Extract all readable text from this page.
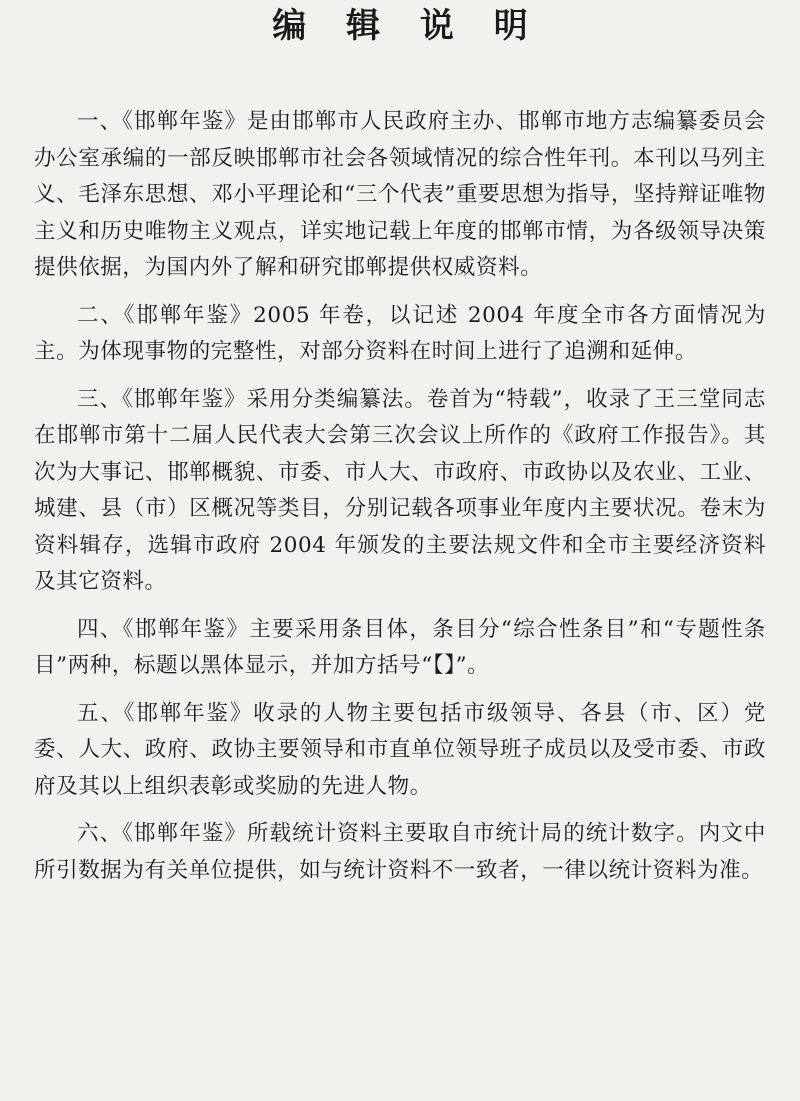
编 辑 说 明

一、《邯郸年鉴》是由邯郸市人民政府主办、邯郸市地方志编纂委员会办公室承编的一部反映邯郸市社会各领域情况的综合性年刊。本刊以马列主义、毛泽东思想、邓小平理论和“三个代表”重要思想为指导，坚持辩证唯物主义和历史唯物主义观点，详实地记载上年度的邯郸市情，为各级领导决策提供依据，为国内外了解和研究邯郸提供权威资料。

二、《邯郸年鉴》2005 年卷，以记述 2004 年度全市各方面情况为主。为体现事物的完整性，对部分资料在时间上进行了追溯和延伸。

三、《邯郸年鉴》采用分类编纂法。卷首为“特载”，收录了王三堂同志在邯郸市第十二届人民代表大会第三次会议上所作的《政府工作报告》。其次为大事记、邯郸概貌、市委、市人大、市政府、市政协以及农业、工业、城建、县（市）区概况等类目，分别记载各项事业年度内主要状况。卷末为资料辑存，选辑市政府 2004 年颁发的主要法规文件和全市主要经济资料及其它资料。

四、《邯郸年鉴》主要采用条目体，条目分“综合性条目”和“专题性条目”两种，标题以黑体显示，并加方括号“【】”。

五、《邯郸年鉴》收录的人物主要包括市级领导、各县（市、区）党委、人大、政府、政协主要领导和市直单位领导班子成员以及受市委、市政府及其以上组织表彰或奖励的先进人物。

六、《邯郸年鉴》所载统计资料主要取自市统计局的统计数字。内文中所引数据为有关单位提供，如与统计资料不一致者，一律以统计资料为准。
